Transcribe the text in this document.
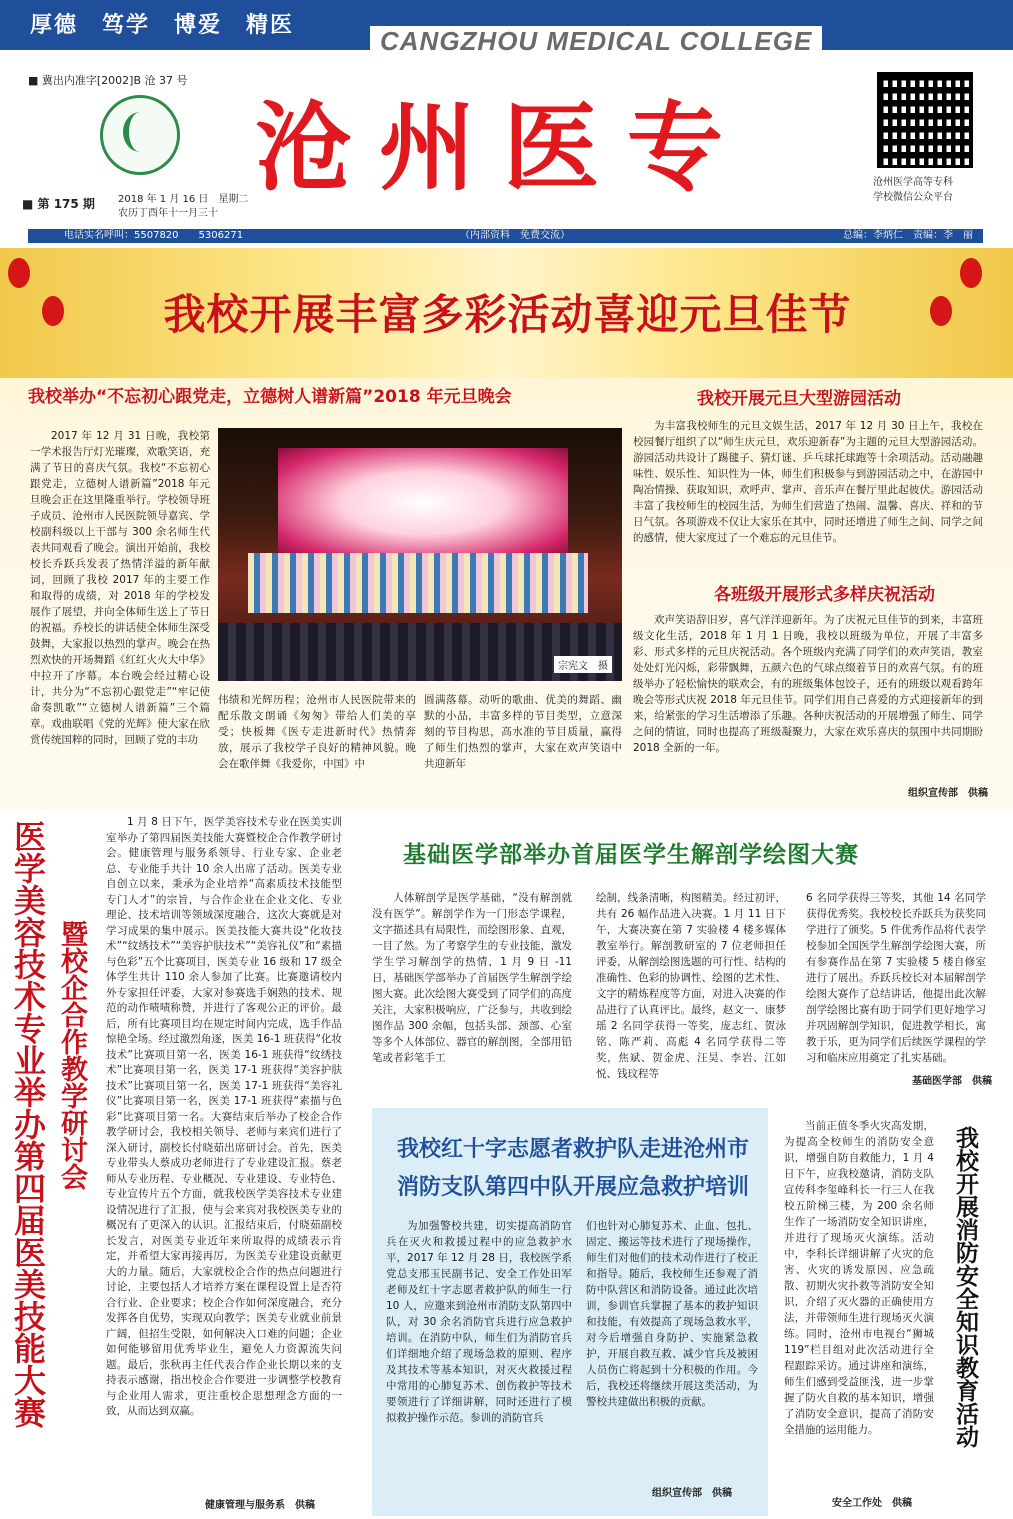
厚德　笃学　博爱　精医
CANGZHOU MEDICAL COLLEGE
■ 冀出内准字[2002]B 沧 37 号
■ 第 175 期 2018 年 1 月 16 日　星期二
农历丁酉年十一月三十
沧州医专	沧州医学高等专科
学校微信公众平台
电话实名呼叫：5507820　　5306271	（内部资料　免费交流）	总编：李炳仁　责编：李　丽
我校开展丰富多彩活动喜迎元旦佳节
我校举办“不忘初心跟党走，立德树人谱新篇”2018 年元旦晚会	我校开展元旦大型游园活动
2017 年 12 月 31 日晚，我校第一学术报告厅灯光璀璨，欢歌笑语，充满了节日的喜庆气氛。我校“不忘初心跟党走，立德树人谱新篇”2018 年元旦晚会正在这里隆重举行。学校领导班子成员、沧州市人民医院领导嘉宾、学校副科级以上干部与 300 余名师生代表共同观看了晚会。演出开始前，我校校长乔跃兵发表了热情洋溢的新年献词，回顾了我校 2017 年的主要工作和取得的成绩，对 2018 年的学校发展作了展望，并向全体师生送上了节日的祝福。乔校长的讲话使全体师生深受鼓舞，大家报以热烈的掌声。晚会在热烈欢快的开场舞蹈《红红火火大中华》中拉开了序幕。本台晚会经过精心设计，共分为“不忘初心跟党走”“牢记使命奏凯歌”“立德树人谱新篇”三个篇章。戏曲联唱《党的光辉》使大家在欣赏传统国粹的同时，回顾了党的丰功
宗宪文　摄
伟绩和光辉历程；沧州市人民医院带来的配乐散文朗诵《匆匆》带给人们美的享受；快板舞《医专走进新时代》热情奔放，展示了我校学子良好的精神风貌。晚会在歌伴舞《我爱你，中国》中
圆满落幕。动听的歌曲、优美的舞蹈、幽默的小品，丰富多样的节目类型，立意深刻的节目构思，高水准的节目质量，赢得了师生们热烈的掌声，大家在欢声笑语中共迎新年
为丰富我校师生的元旦文娱生活，2017 年 12 月 30 日上午，我校在校园餐厅组织了以“师生庆元旦，欢乐迎新春”为主题的元旦大型游园活动。游园活动共设计了踢毽子、猜灯谜、乒乓球托球跑等十余项活动。活动融趣味性、娱乐性、知识性为一体，师生们积极参与到游园活动之中，在游园中陶冶情操、获取知识，欢呼声、掌声、音乐声在餐厅里此起彼伏。游园活动丰富了我校师生的校园生活，为师生们营造了热闹、温馨、喜庆、祥和的节日气氛。各项游戏不仅让大家乐在其中，同时还增进了师生之间、同学之间的感情，使大家度过了一个难忘的元旦佳节。
各班级开展形式多样庆祝活动
欢声笑语辞旧岁，喜气洋洋迎新年。为了庆祝元旦佳节的到来，丰富班级文化生活，2018 年 1 月 1 日晚，我校以班级为单位，开展了丰富多彩、形式多样的元旦庆祝活动。各个班级内充满了同学们的欢声笑语，教室处处灯光闪烁，彩带飘舞，五颜六色的气球点缀着节日的欢喜气氛。有的班级举办了轻松愉快的联欢会，有的班级集体包饺子，还有的班级以观看跨年晚会等形式庆祝 2018 年元旦佳节。同学们用自己喜爱的方式迎接新年的到来，给紧张的学习生活增添了乐趣。各种庆祝活动的开展增强了师生、同学之间的情谊，同时也提高了班级凝聚力，大家在欢乐喜庆的氛围中共同期盼 2018 全新的一年。
组织宣传部　供稿
医学美容技术专业举办第四届医美技能大赛 暨校企合作教学研讨会
1 月 8 日下午，医学美容技术专业在医美实训室举办了第四届医美技能大赛暨校企合作教学研讨会。健康管理与服务系领导、行业专家、企业老总、专业能手共计 10 余人出席了活动。医美专业自创立以来，秉承为企业培养“高素质技术技能型专门人才”的宗旨，与合作企业在企业文化、专业理论、技术培训等领域深度融合，这次大赛就是对学习成果的集中展示。医美技能大赛共设“化妆技术”“纹绣技术”“美容护肤技术”“美容礼仪”和“素描与色彩”五个比赛项目，医美专业 16 级和 17 级全体学生共计 110 余人参加了比赛。比赛邀请校内外专家担任评委，大家对参赛选手娴熟的技术、规范的动作啧啧称赞，并进行了客观公正的评价。最后，所有比赛项目均在规定时间内完成，选手作品惊艳全场。经过激烈角逐，医美 16-1 班获得“化妆技术”比赛项目第一名，医美 16-1 班获得“纹绣技术”比赛项目第一名，医美 17-1 班获得“美容护肤技术”比赛项目第一名，医美 17-1 班获得“美容礼仪”比赛项目第一名，医美 17-1 班获得“素描与色彩”比赛项目第一名。大赛结束后举办了校企合作教学研讨会，我校相关领导、老师与来宾们进行了深入研讨，副校长付晓茹出席研讨会。首先，医美专业带头人蔡成功老师进行了专业建设汇报。蔡老师从专业历程、专业概况、专业建设、专业特色、专业宣传片五个方面，就我校医学美容技术专业建设情况进行了汇报，使与会来宾对我校医美专业的概况有了更深入的认识。汇报结束后，付晓茹副校长发言，对医美专业近年来所取得的成绩表示肯定，并希望大家再接再厉，为医美专业建设贡献更大的力量。随后，大家就校企合作的热点问题进行讨论，主要包括人才培养方案在课程设置上是否符合行业、企业要求；校企合作如何深度融合，充分发挥各自优势，实现双向教学；医美专业就业前景广阔，但招生受限，如何解决入口难的问题；企业如何能够留用优秀毕业生，避免人力资源流失问题。最后，张秋再主任代表合作企业长期以来的支持表示感谢，指出校企合作要进一步调整学校教育与企业用人需求，更注重校企思想理念方面的一致，从而达到双赢。
健康管理与服务系　供稿
基础医学部举办首届医学生解剖学绘图大赛
人体解剖学是医学基础，“没有解剖就没有医学”。解剖学作为一门形态学课程，文字描述具有局限性，而绘图形象、直观，一目了然。为了考察学生的专业技能，激发学生学习解剖学的热情，1 月 9 日 -11 日，基础医学部举办了首届医学生解剖学绘图大赛。此次绘图大赛受到了同学们的高度关注，大家积极响应，广泛参与，共收到绘图作品 300 余幅，包括头部、颈部、心室等多个人体部位、器官的解剖图，全部用铅笔或者彩笔手工
绘制，线条清晰，构图精美。经过初评，共有 26 幅作品进入决赛。1 月 11 日下午，大赛决赛在第 7 实验楼 4 楼多媒体教室举行。解剖教研室的 7 位老师担任评委，从解剖绘图选题的可行性、结构的准确性、色彩的协调性、绘图的艺术性、文字的精炼程度等方面，对进入决赛的作品进行了认真评比。最终，赵文一、康梦瑶 2 名同学获得一等奖，庞志红、贺泳铭、陈严莉、高彪 4 名同学获得二等奖，焦斌、贺金虎、汪昊、李岩、江如悦、钱玟程等
6 名同学获得三等奖，其他 14 名同学获得优秀奖。我校校长乔跃兵为获奖同学进行了颁奖。5 件优秀作品将代表学校参加全国医学生解剖学绘图大赛，所有参赛作品在第 7 实验楼 5 楼自修室进行了展出。乔跃兵校长对本届解剖学绘图大赛作了总结讲话，他提出此次解剖学绘图比赛有助于同学们更好地学习并巩固解剖学知识，促进教学相长，寓教于乐，更为同学们后续医学课程的学习和临床应用奠定了扎实基础。
基础医学部　供稿
我校红十字志愿者救护队走进沧州市消防支队第四中队开展应急救护培训
为加强警校共建，切实提高消防官兵在灭火和救援过程中的应急救护水平，2017 年 12 月 28 日，我校医学系党总支邢玉民副书记、安全工作处田军老师及红十字志愿者救护队的师生一行 10 人，应邀来到沧州市消防支队第四中队，对 30 余名消防官兵进行应急救护培训。在消防中队，师生们为消防官兵们详细地介绍了现场急救的原则、程序及其技术等基本知识，对灭火救援过程中常用的心肺复苏术、创伤救护等技术要领进行了详细讲解，同时还进行了模拟救护操作示范。参训的消防官兵
们也针对心肺复苏术、止血、包扎、固定、搬运等技术进行了现场操作，师生们对他们的技术动作进行了校正和指导。随后，我校师生还参观了消防中队营区和消防设备。通过此次培训，参训官兵掌握了基本的救护知识和技能，有效提高了现场急救水平，对今后增强自身防护、实施紧急救护，开展自救互救、减少官兵及被困人员伤亡将起到十分积极的作用。今后，我校还将继续开展这类活动，为警校共建做出积极的贡献。
组织宣传部　供稿
当前正值冬季火灾高发期，为提高全校师生的消防安全意识，增强自防自救能力，1 月 4 日下午，应我校邀请，消防支队宣传科李玺峰科长一行三人在我校五阶梯三楼，为 200 余名师生作了一场消防安全知识讲座，并进行了现场灭火演练。活动中，李科长详细讲解了火灾的危害、火灾的诱发原因、应急疏散、初期火灾扑救等消防安全知识，介绍了灭火器的正确使用方法，并带领师生进行现场灭火演练。同时，沧州市电视台“狮城 119”栏目组对此次活动进行全程跟踪采访。通过讲座和演练，师生们感到受益匪浅，进一步掌握了防火自救的基本知识，增强了消防安全意识，提高了消防安全措施的运用能力。	我校开展消防安全知识教育活动
安全工作处　供稿
